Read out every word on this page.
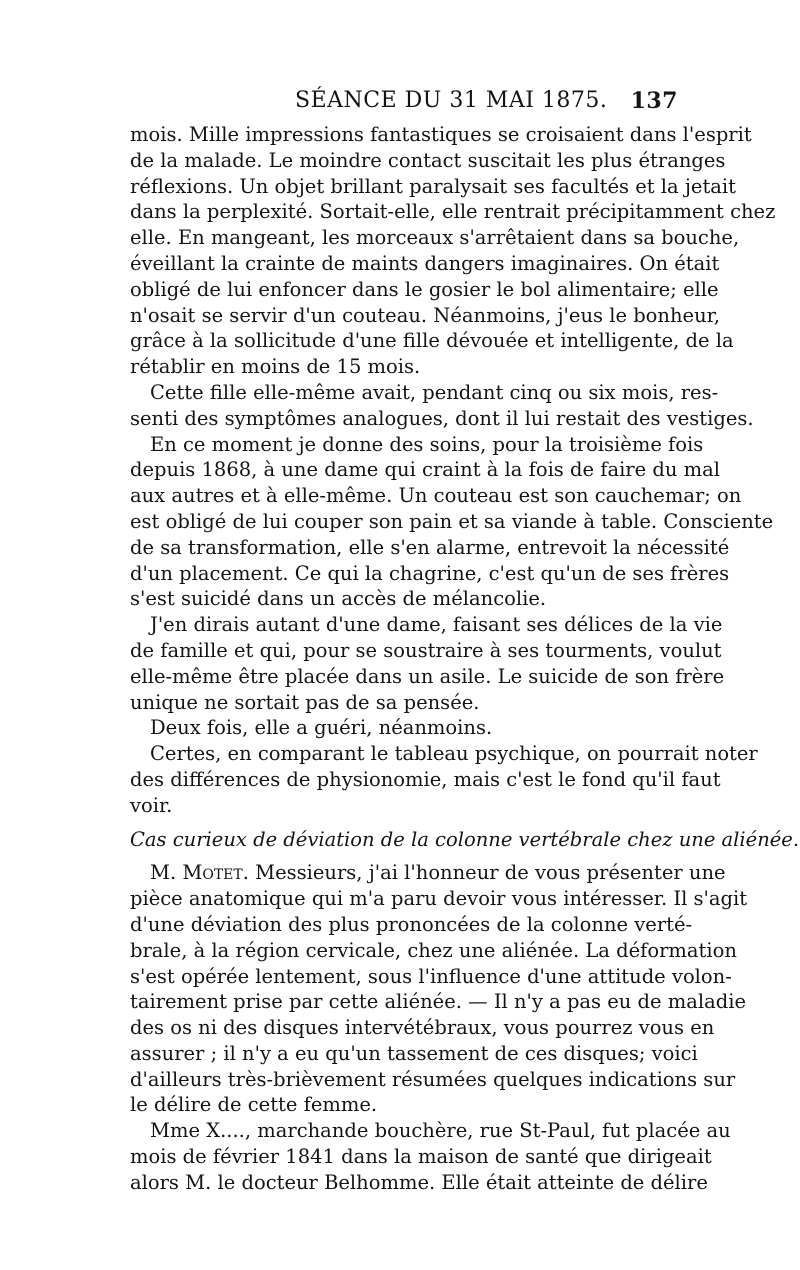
SÉANCE DU 31 MAI 1875. 137
mois. Mille impressions fantastiques se croisaient dans l'esprit
de la malade. Le moindre contact suscitait les plus étranges
réflexions. Un objet brillant paralysait ses facultés et la jetait
dans la perplexité. Sortait-elle, elle rentrait précipitamment chez
elle. En mangeant, les morceaux s'arrêtaient dans sa bouche,
éveillant la crainte de maints dangers imaginaires. On était
obligé de lui enfoncer dans le gosier le bol alimentaire; elle
n'osait se servir d'un couteau. Néanmoins, j'eus le bonheur,
grâce à la sollicitude d'une fille dévouée et intelligente, de la
rétablir en moins de 15 mois.
Cette fille elle-même avait, pendant cinq ou six mois, res-
senti des symptômes analogues, dont il lui restait des vestiges.
En ce moment je donne des soins, pour la troisième fois
depuis 1868, à une dame qui craint à la fois de faire du mal
aux autres et à elle-même. Un couteau est son cauchemar; on
est obligé de lui couper son pain et sa viande à table. Consciente
de sa transformation, elle s'en alarme, entrevoit la nécessité
d'un placement. Ce qui la chagrine, c'est qu'un de ses frères
s'est suicidé dans un accès de mélancolie.
J'en dirais autant d'une dame, faisant ses délices de la vie
de famille et qui, pour se soustraire à ses tourments, voulut
elle-même être placée dans un asile. Le suicide de son frère
unique ne sortait pas de sa pensée.
Deux fois, elle a guéri, néanmoins.
Certes, en comparant le tableau psychique, on pourrait noter
des différences de physionomie, mais c'est le fond qu'il faut
voir.
Cas curieux de déviation de la colonne vertébrale chez une aliénée.
M. Motet. Messieurs, j'ai l'honneur de vous présenter une
pièce anatomique qui m'a paru devoir vous intéresser. Il s'agit
d'une déviation des plus prononcées de la colonne verté-
brale, à la région cervicale, chez une aliénée. La déformation
s'est opérée lentement, sous l'influence d'une attitude volon-
tairement prise par cette aliénée. — Il n'y a pas eu de maladie
des os ni des disques intervétébraux, vous pourrez vous en
assurer ; il n'y a eu qu'un tassement de ces disques; voici
d'ailleurs très-brièvement résumées quelques indications sur
le délire de cette femme.
Mme X...., marchande bouchère, rue St-Paul, fut placée au
mois de février 1841 dans la maison de santé que dirigeait
alors M. le docteur Belhomme. Elle était atteinte de délire
